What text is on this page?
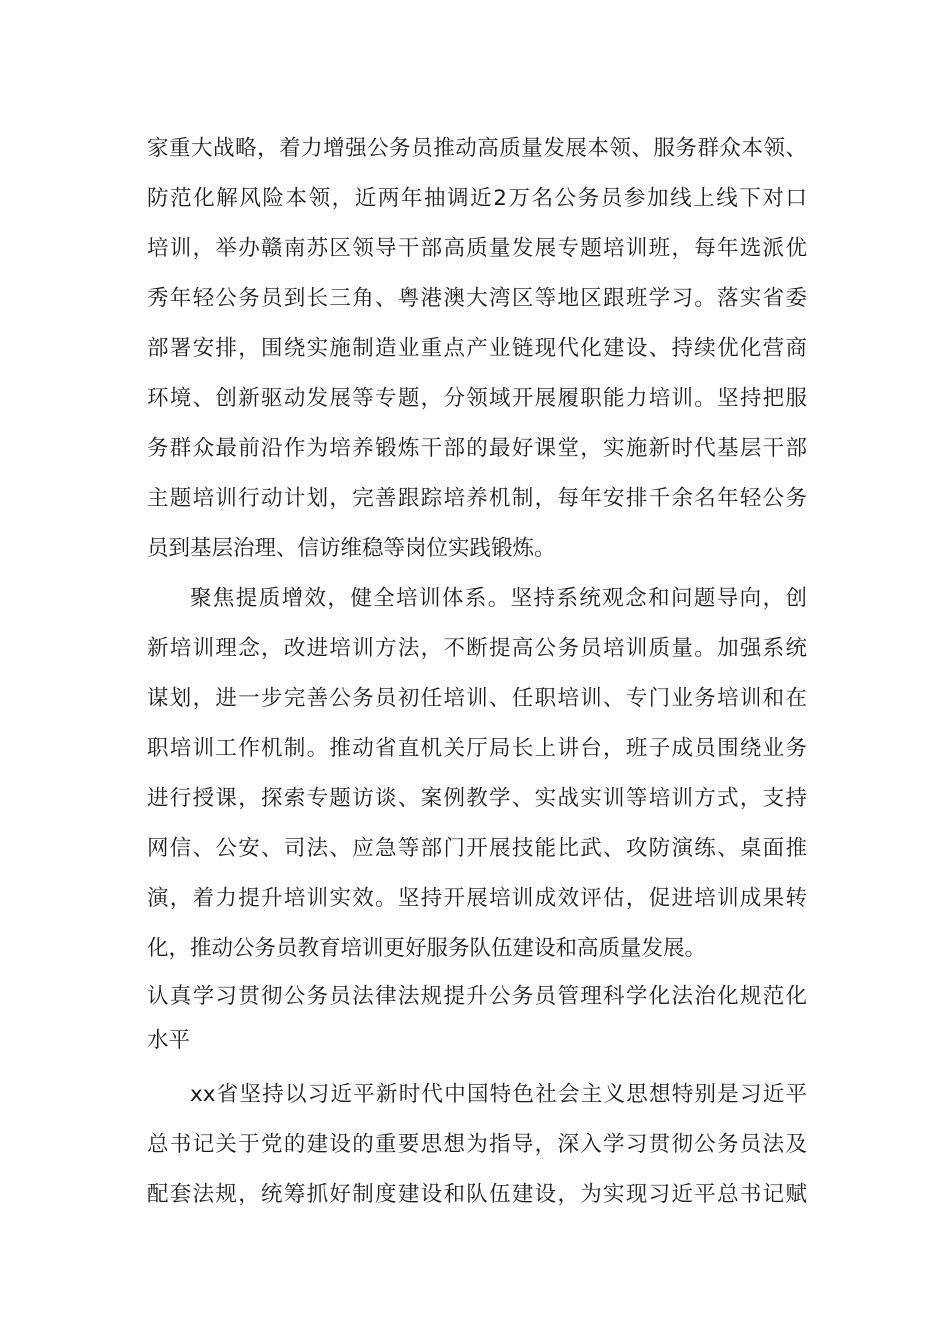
家重大战略，着力增强公务员推动高质量发展本领、服务群众本领、
防范化解风险本领，近两年抽调近2万名公务员参加线上线下对口
培训，举办赣南苏区领导干部高质量发展专题培训班，每年选派优
秀年轻公务员到长三角、粤港澳大湾区等地区跟班学习。落实省委
部署安排，围绕实施制造业重点产业链现代化建设、持续优化营商
环境、创新驱动发展等专题，分领域开展履职能力培训。坚持把服
务群众最前沿作为培养锻炼干部的最好课堂，实施新时代基层干部
主题培训行动计划，完善跟踪培养机制，每年安排千余名年轻公务
员到基层治理、信访维稳等岗位实践锻炼。
聚焦提质增效，健全培训体系。坚持系统观念和问题导向，创
新培训理念，改进培训方法，不断提高公务员培训质量。加强系统
谋划，进一步完善公务员初任培训、任职培训、专门业务培训和在
职培训工作机制。推动省直机关厅局长上讲台，班子成员围绕业务
进行授课，探索专题访谈、案例教学、实战实训等培训方式，支持
网信、公安、司法、应急等部门开展技能比武、攻防演练、桌面推
演，着力提升培训实效。坚持开展培训成效评估，促进培训成果转
化，推动公务员教育培训更好服务队伍建设和高质量发展。
认真学习贯彻公务员法律法规提升公务员管理科学化法治化规范化
水平
xx省坚持以习近平新时代中国特色社会主义思想特别是习近平
总书记关于党的建设的重要思想为指导，深入学习贯彻公务员法及
配套法规，统筹抓好制度建设和队伍建设，为实现习近平总书记赋
